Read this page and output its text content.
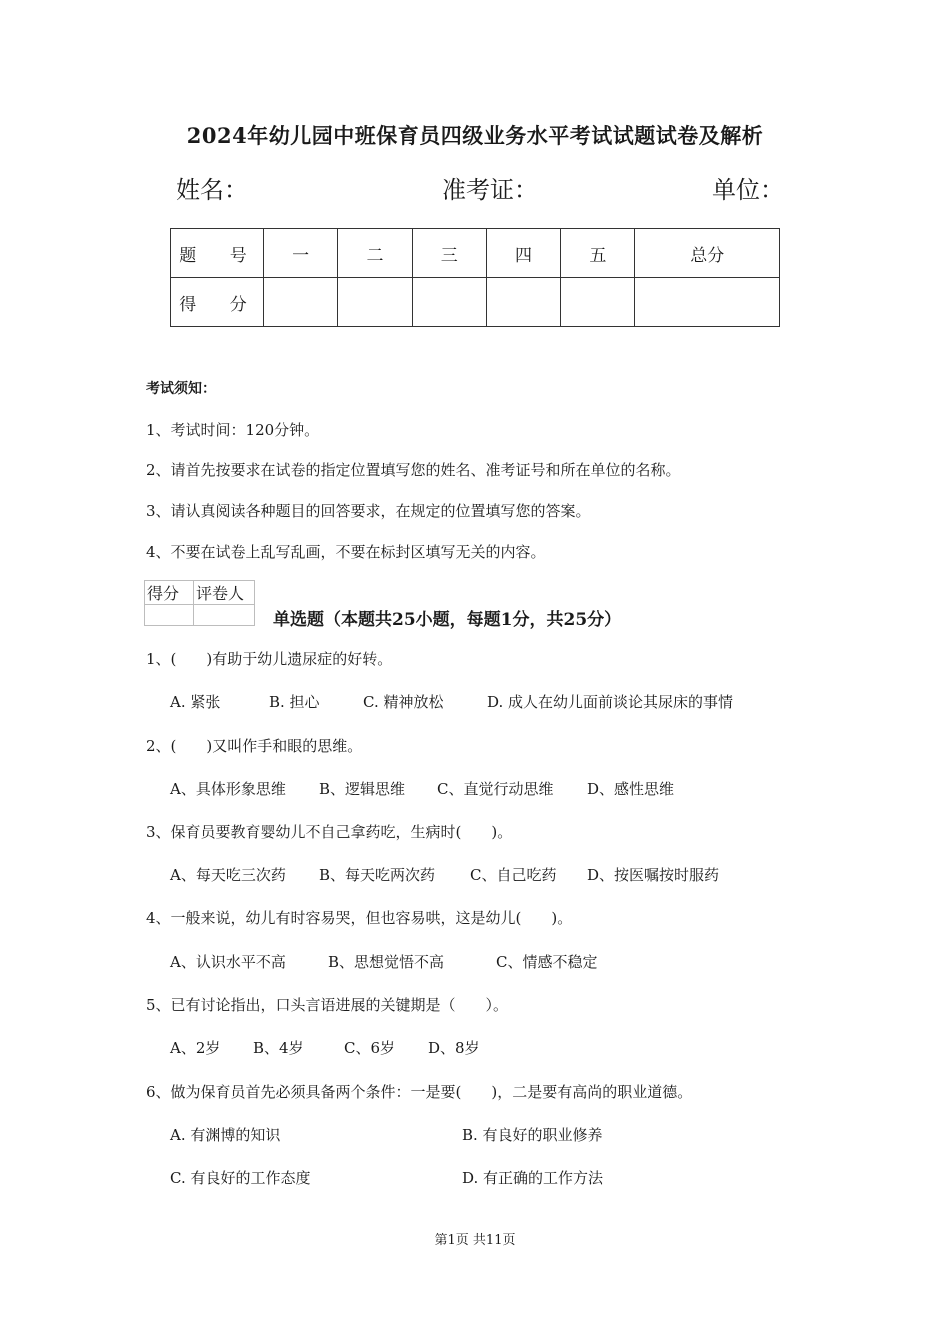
2024年幼儿园中班保育员四级业务水平考试试题试卷及解析
姓名：	准考证：	单位：
题 号	一	二	三	四	五	总分
得 分						
考试须知：
1、考试时间：120分钟。
2、请首先按要求在试卷的指定位置填写您的姓名、准考证号和所在单位的名称。
3、请认真阅读各种题目的回答要求，在规定的位置填写您的答案。
4、不要在试卷上乱写乱画，不要在标封区填写无关的内容。
得分	评卷人

单选题（本题共25小题，每题1分，共25分）
1、(　　)有助于幼儿遗尿症的好转。
A. 紧张	B. 担心	C. 精神放松	D. 成人在幼儿面前谈论其尿床的事情
2、(　　)又叫作手和眼的思维。
A、具体形象思维 B、逻辑思维 C、直觉行动思维 D、感性思维
3、保育员要教育婴幼儿不自己拿药吃，生病时(　　)。
A、每天吃三次药 B、每天吃两次药 C、自己吃药 D、按医嘱按时服药
4、一般来说，幼儿有时容易哭，但也容易哄，这是幼儿(　　)。
A、认识水平不高	B、思想觉悟不高	C、情感不稳定
5、已有讨论指出，口头言语进展的关键期是（　　）。
A、2岁 B、4岁	C、6岁 D、8岁
6、做为保育员首先必须具备两个条件：一是要(　　)，二是要有高尚的职业道德。
A. 有渊博的知识	B. 有良好的职业修养
C. 有良好的工作态度	D. 有正确的工作方法
第1页 共11页
